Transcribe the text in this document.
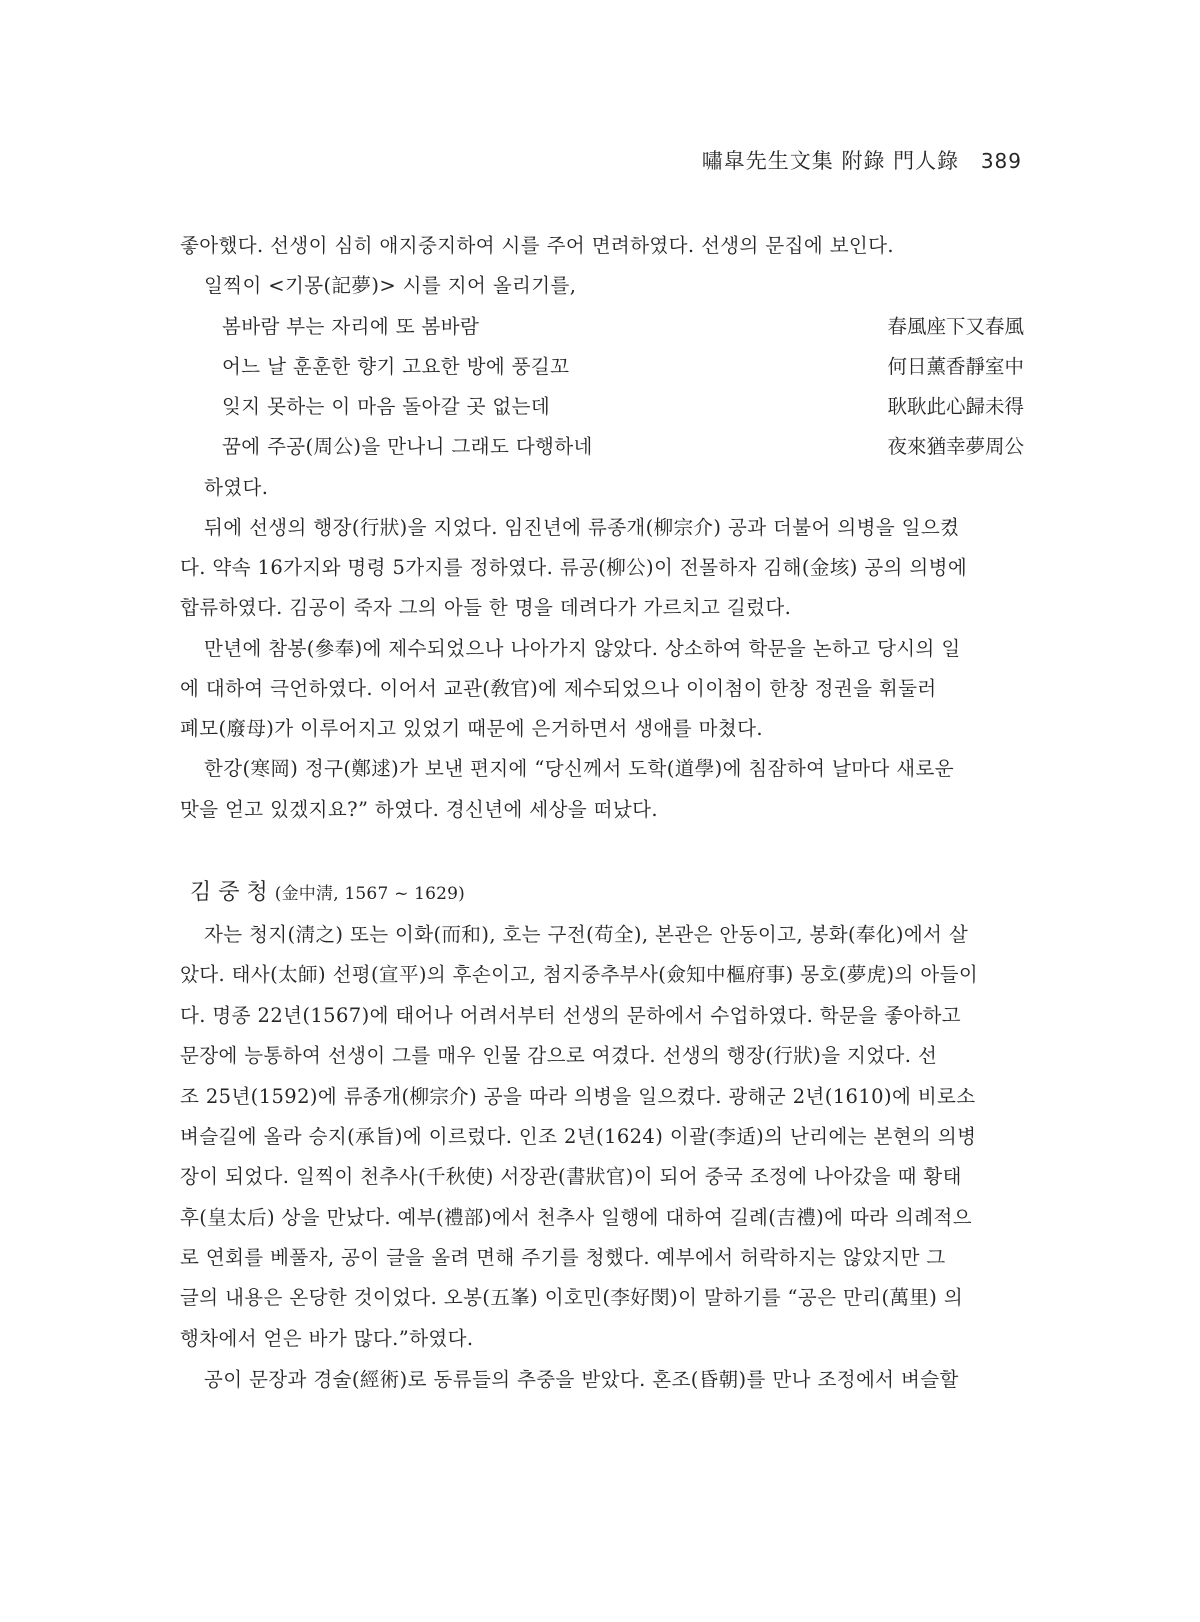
嘯皐先生文集 附錄 門人錄 389
좋아했다. 선생이 심히 애지중지하여 시를 주어 면려하였다. 선생의 문집에 보인다.
일찍이 <기몽(記夢)> 시를 지어 올리기를,
봄바람 부는 자리에 또 봄바람	春風座下又春風
어느 날 훈훈한 향기 고요한 방에 풍길꼬	何日薰香靜室中
잊지 못하는 이 마음 돌아갈 곳 없는데	耿耿此心歸未得
꿈에 주공(周公)을 만나니 그래도 다행하네	夜來猶幸夢周公
하였다.
뒤에 선생의 행장(行狀)을 지었다. 임진년에 류종개(柳宗介) 공과 더불어 의병을 일으켰
다. 약속 16가지와 명령 5가지를 정하였다. 류공(柳公)이 전몰하자 김해(金垓) 공의 의병에
합류하였다. 김공이 죽자 그의 아들 한 명을 데려다가 가르치고 길렀다.
만년에 참봉(參奉)에 제수되었으나 나아가지 않았다. 상소하여 학문을 논하고 당시의 일
에 대하여 극언하였다. 이어서 교관(敎官)에 제수되었으나 이이첨이 한창 정권을 휘둘러
폐모(廢母)가 이루어지고 있었기 때문에 은거하면서 생애를 마쳤다.
한강(寒岡) 정구(鄭逑)가 보낸 편지에 “당신께서 도학(道學)에 침잠하여 날마다 새로운
맛을 얻고 있겠지요?” 하였다. 경신년에 세상을 떠났다.
김중청(金中淸, 1567 ~ 1629)
자는 청지(淸之) 또는 이화(而和), 호는 구전(苟全), 본관은 안동이고, 봉화(奉化)에서 살
았다. 태사(太師) 선평(宣平)의 후손이고, 첨지중추부사(僉知中樞府事) 몽호(夢虎)의 아들이
다. 명종 22년(1567)에 태어나 어려서부터 선생의 문하에서 수업하였다. 학문을 좋아하고
문장에 능통하여 선생이 그를 매우 인물 감으로 여겼다. 선생의 행장(行狀)을 지었다. 선
조 25년(1592)에 류종개(柳宗介) 공을 따라 의병을 일으켰다. 광해군 2년(1610)에 비로소
벼슬길에 올라 승지(承旨)에 이르렀다. 인조 2년(1624) 이괄(李适)의 난리에는 본현의 의병
장이 되었다. 일찍이 천추사(千秋使) 서장관(書狀官)이 되어 중국 조정에 나아갔을 때 황태
후(皇太后) 상을 만났다. 예부(禮部)에서 천추사 일행에 대하여 길례(吉禮)에 따라 의례적으
로 연회를 베풀자, 공이 글을 올려 면해 주기를 청했다. 예부에서 허락하지는 않았지만 그
글의 내용은 온당한 것이었다. 오봉(五峯) 이호민(李好閔)이 말하기를 “공은 만리(萬里) 의
행차에서 얻은 바가 많다.”하였다.
공이 문장과 경술(經術)로 동류들의 추중을 받았다. 혼조(昏朝)를 만나 조정에서 벼슬할
